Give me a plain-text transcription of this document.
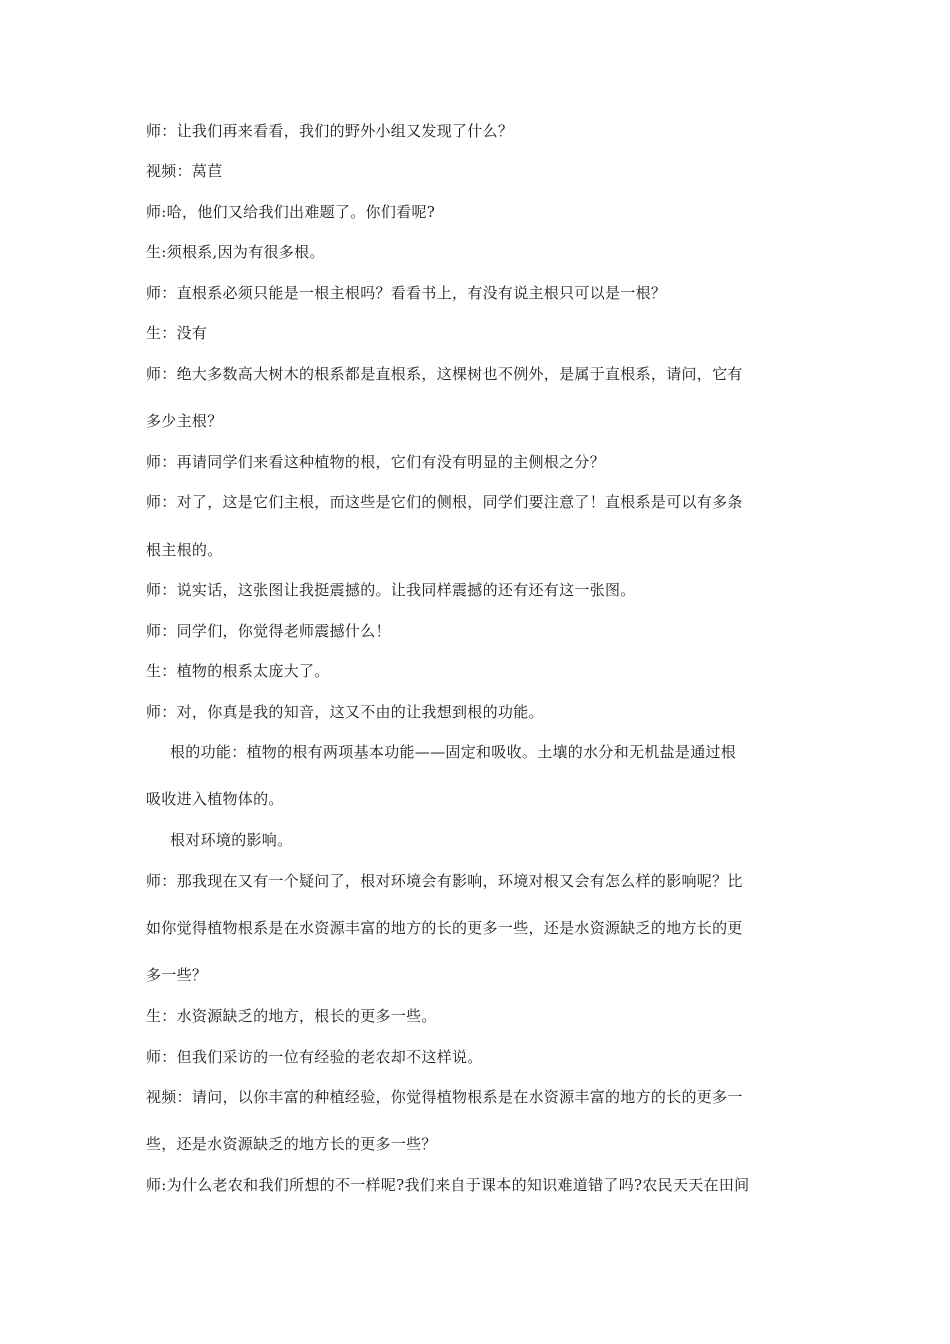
师：让我们再来看看，我们的野外小组又发现了什么？
视频：莴苣
师:哈，他们又给我们出难题了。你们看呢?
生:须根系,因为有很多根。
师：直根系必须只能是一根主根吗？看看书上，有没有说主根只可以是一根？
生：没有
师：绝大多数高大树木的根系都是直根系，这棵树也不例外，是属于直根系，请问，它有
多少主根？
师：再请同学们来看这种植物的根，它们有没有明显的主侧根之分？
师：对了，这是它们主根，而这些是它们的侧根，同学们要注意了！直根系是可以有多条
根主根的。
师：说实话，这张图让我挺震撼的。让我同样震撼的还有还有这一张图。
师：同学们，你觉得老师震撼什么！
生：植物的根系太庞大了。
师：对，你真是我的知音，这又不由的让我想到根的功能。
根的功能：植物的根有两项基本功能——固定和吸收。土壤的水分和无机盐是通过根
吸收进入植物体的。
根对环境的影响。
师：那我现在又有一个疑问了，根对环境会有影响，环境对根又会有怎么样的影响呢？比
如你觉得植物根系是在水资源丰富的地方的长的更多一些，还是水资源缺乏的地方长的更
多一些？
生：水资源缺乏的地方，根长的更多一些。
师：但我们采访的一位有经验的老农却不这样说。
视频：请问，以你丰富的种植经验，你觉得植物根系是在水资源丰富的地方的长的更多一
些，还是水资源缺乏的地方长的更多一些？
师:为什么老农和我们所想的不一样呢?我们来自于课本的知识难道错了吗?农民天天在田间
